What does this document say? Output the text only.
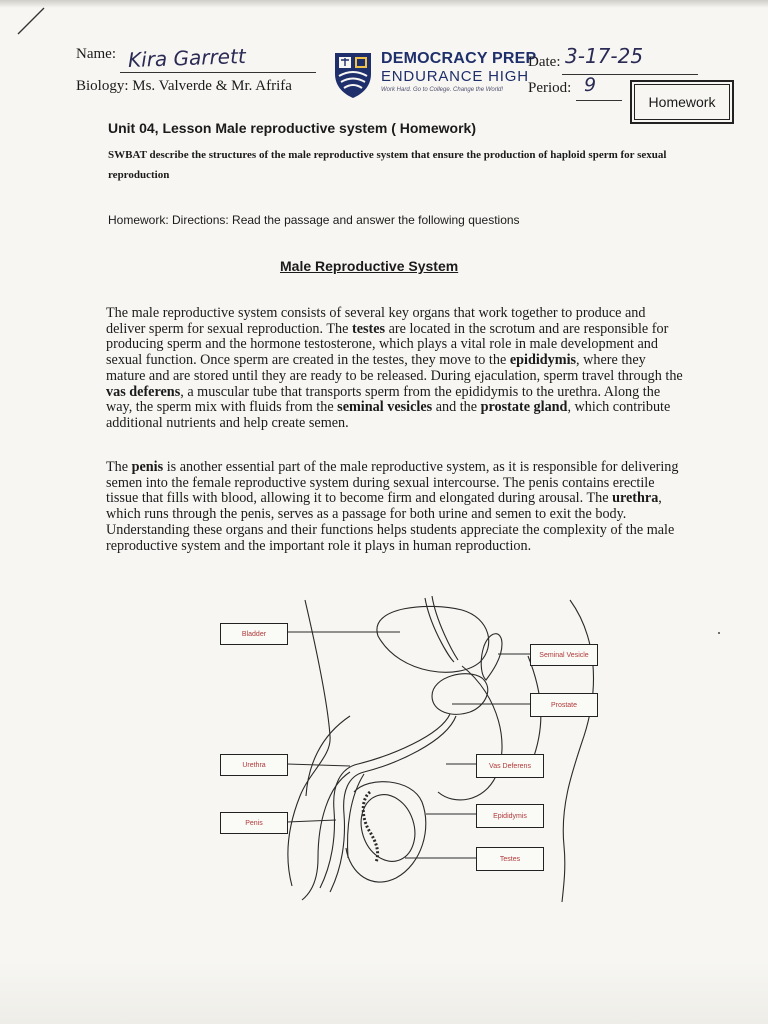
Name: Kira Garrett
Biology: Ms. Valverde & Mr. Afrifa
DEMOCRACY PREP
ENDURANCE HIGH
Work Hard. Go to College. Change the World!
Date: 3-17-25
Period: 9
Homework
Unit 04, Lesson Male reproductive system ( Homework)
SWBAT describe the structures of the male reproductive system that ensure the production of haploid sperm for sexual reproduction
Homework: Directions: Read the passage and answer the following questions
Male Reproductive System
The male reproductive system consists of several key organs that work together to produce and deliver sperm for sexual reproduction. The testes are located in the scrotum and are responsible for producing sperm and the hormone testosterone, which plays a vital role in male development and sexual function. Once sperm are created in the testes, they move to the epididymis, where they mature and are stored until they are ready to be released. During ejaculation, sperm travel through the vas deferens, a muscular tube that transports sperm from the epididymis to the urethra. Along the way, the sperm mix with fluids from the seminal vesicles and the prostate gland, which contribute additional nutrients and help create semen.
The penis is another essential part of the male reproductive system, as it is responsible for delivering semen into the female reproductive system during sexual intercourse. The penis contains erectile tissue that fills with blood, allowing it to become firm and elongated during arousal. The urethra, which runs through the penis, serves as a passage for both urine and semen to exit the body. Understanding these organs and their functions helps students appreciate the complexity of the male reproductive system and the important role it plays in human reproduction.
Bladder
Seminal Vesicle
Prostate
Urethra	Vas Deferens
Penis
Epididymis
Testes
